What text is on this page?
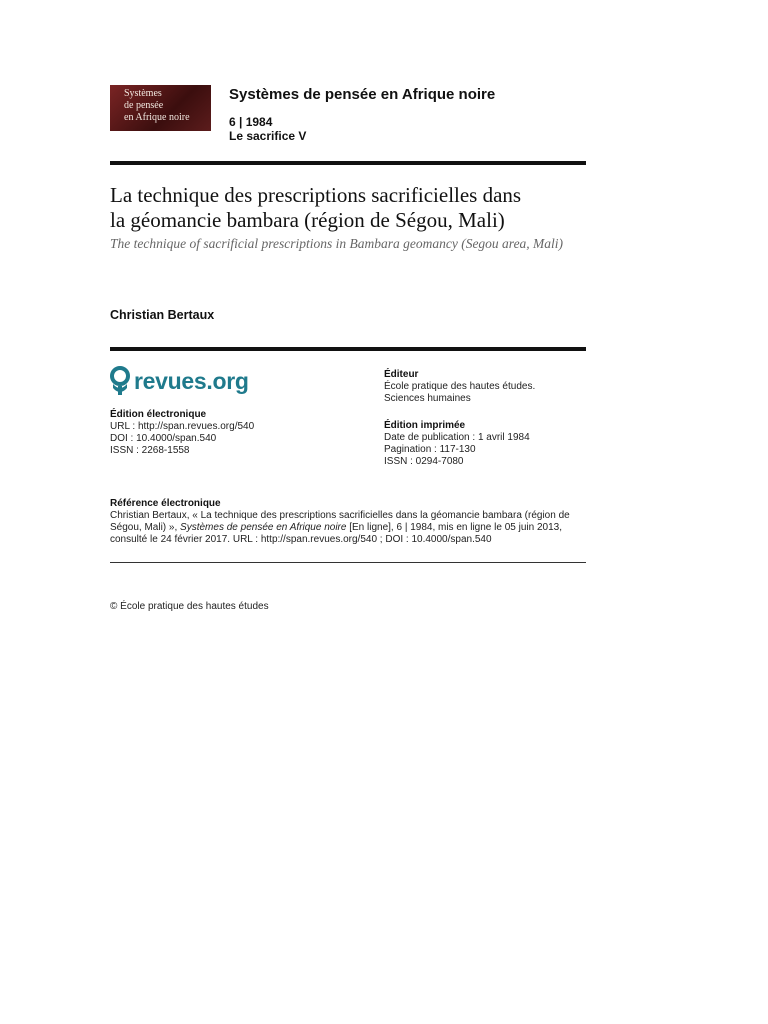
Systèmes
de pensée
en Afrique noire
Systèmes de pensée en Afrique noire
6 | 1984
Le sacrifice V
La technique des prescriptions sacrificielles dans
la géomancie bambara (région de Ségou, Mali)
The technique of sacrificial prescriptions in Bambara geomancy (Segou area, Mali)
Christian Bertaux
revues.org
Édition électronique
URL : http://span.revues.org/540
DOI : 10.4000/span.540
ISSN : 2268-1558
Éditeur
École pratique des hautes études.
Sciences humaines
Édition imprimée
Date de publication : 1 avril 1984
Pagination : 117-130
ISSN : 0294-7080
Référence électronique
Christian Bertaux, « La technique des prescriptions sacrificielles dans la géomancie bambara (région de Ségou, Mali) », Systèmes de pensée en Afrique noire [En ligne], 6 | 1984, mis en ligne le 05 juin 2013, consulté le 24 février 2017. URL : http://span.revues.org/540 ; DOI : 10.4000/span.540
© École pratique des hautes études
